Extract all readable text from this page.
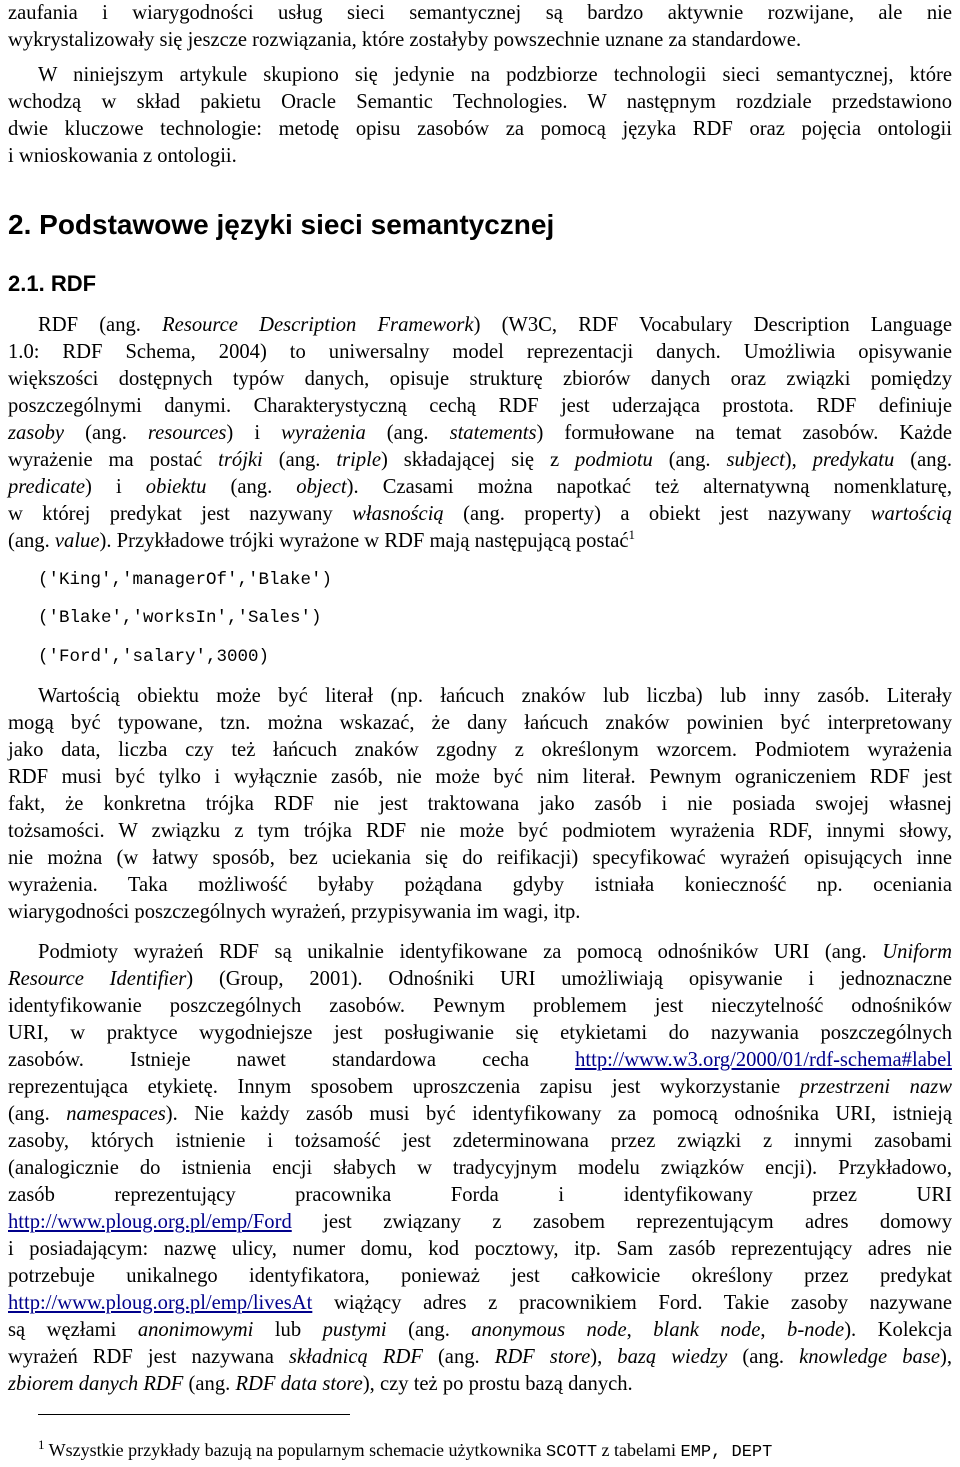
zaufania i wiarygodności usług sieci semantycznej są bardzo aktywnie rozwijane, ale nie
wykrystalizowały się jeszcze rozwiązania, które zostałyby powszechnie uznane za standardowe.

W niniejszym artykule skupiono się jedynie na podzbiorze technologii sieci semantycznej, które
wchodzą w skład pakietu Oracle Semantic Technologies. W następnym rozdziale przedstawiono
dwie kluczowe technologie: metodę opisu zasobów za pomocą języka RDF oraz pojęcia ontologii
i wnioskowania z ontologii.

2. Podstawowe języki sieci semantycznej
2.1. RDF

RDF (ang. Resource Description Framework) (W3C, RDF Vocabulary Description Language
1.0: RDF Schema, 2004) to uniwersalny model reprezentacji danych. Umożliwia opisywanie
większości dostępnych typów danych, opisuje strukturę zbiorów danych oraz związki pomiędzy
poszczególnymi danymi. Charakterystyczną cechą RDF jest uderzająca prostota. RDF definiuje
zasoby (ang. resources) i wyrażenia (ang. statements) formułowane na temat zasobów. Każde
wyrażenie ma postać trójki (ang. triple) składającej się z podmiotu (ang. subject), predykatu (ang.
predicate) i obiektu (ang. object). Czasami można napotkać też alternatywną nomenklaturę,
w której predykat jest nazywany własnością (ang. property) a obiekt jest nazywany wartością
(ang. value). Przykładowe trójki wyrażone w RDF mają następującą postać$^1$

('King','managerOf','Blake')
('Blake','worksIn','Sales')
('Ford','salary',3000)

Wartością obiektu może być literał (np. łańcuch znaków lub liczba) lub inny zasób. Literały
mogą być typowane, tzn. można wskazać, że dany łańcuch znaków powinien być interpretowany
jako data, liczba czy też łańcuch znaków zgodny z określonym wzorcem. Podmiotem wyrażenia
RDF musi być tylko i wyłącznie zasób, nie może być nim literał. Pewnym ograniczeniem RDF jest
fakt, że konkretna trójka RDF nie jest traktowana jako zasób i nie posiada swojej własnej
tożsamości. W związku z tym trójka RDF nie może być podmiotem wyrażenia RDF, innymi słowy,
nie można (w łatwy sposób, bez uciekania się do reifikacji) specyfikować wyrażeń opisujących inne
wyrażenia. Taka możliwość byłaby pożądana gdyby istniała konieczność np. oceniania
wiarygodności poszczególnych wyrażeń, przypisywania im wagi, itp.

Podmioty wyrażeń RDF są unikalnie identyfikowane za pomocą odnośników URI (ang. Uniform
Resource Identifier) (Group, 2001). Odnośniki URI umożliwiają opisywanie i jednoznaczne
identyfikowanie poszczególnych zasobów. Pewnym problemem jest nieczytelność odnośników
URI, w praktyce wygodniejsze jest posługiwanie się etykietami do nazywania poszczególnych
zasobów. Istnieje nawet standardowa cecha http://www.w3.org/2000/01/rdf-schema#label
reprezentująca etykietę. Innym sposobem uproszczenia zapisu jest wykorzystanie przestrzeni nazw
(ang. namespaces). Nie każdy zasób musi być identyfikowany za pomocą odnośnika URI, istnieją
zasoby, których istnienie i tożsamość jest zdeterminowana przez związki z innymi zasobami
(analogicznie do istnienia encji słabych w tradycyjnym modelu związków encji). Przykładowo,
zasób reprezentujący pracownika Forda i identyfikowany przez URI
http://www.ploug.org.pl/emp/Ford jest związany z zasobem reprezentującym adres domowy
i posiadającym: nazwę ulicy, numer domu, kod pocztowy, itp. Sam zasób reprezentujący adres nie
potrzebuje unikalnego identyfikatora, ponieważ jest całkowicie określony przez predykat
http://www.ploug.org.pl/emp/livesAt wiążący adres z pracownikiem Ford. Takie zasoby nazywane
są węzłami anonimowymi lub pustymi (ang. anonymous node, blank node, b-node). Kolekcja
wyrażeń RDF jest nazywana składnicą RDF (ang. RDF store), bazą wiedzy (ang. knowledge base),
zbiorem danych RDF (ang. RDF data store), czy też po prostu bazą danych.

$^1$ Wszystkie przykłady bazują na popularnym schemacie użytkownika SCOTT z tabelami EMP, DEPT
